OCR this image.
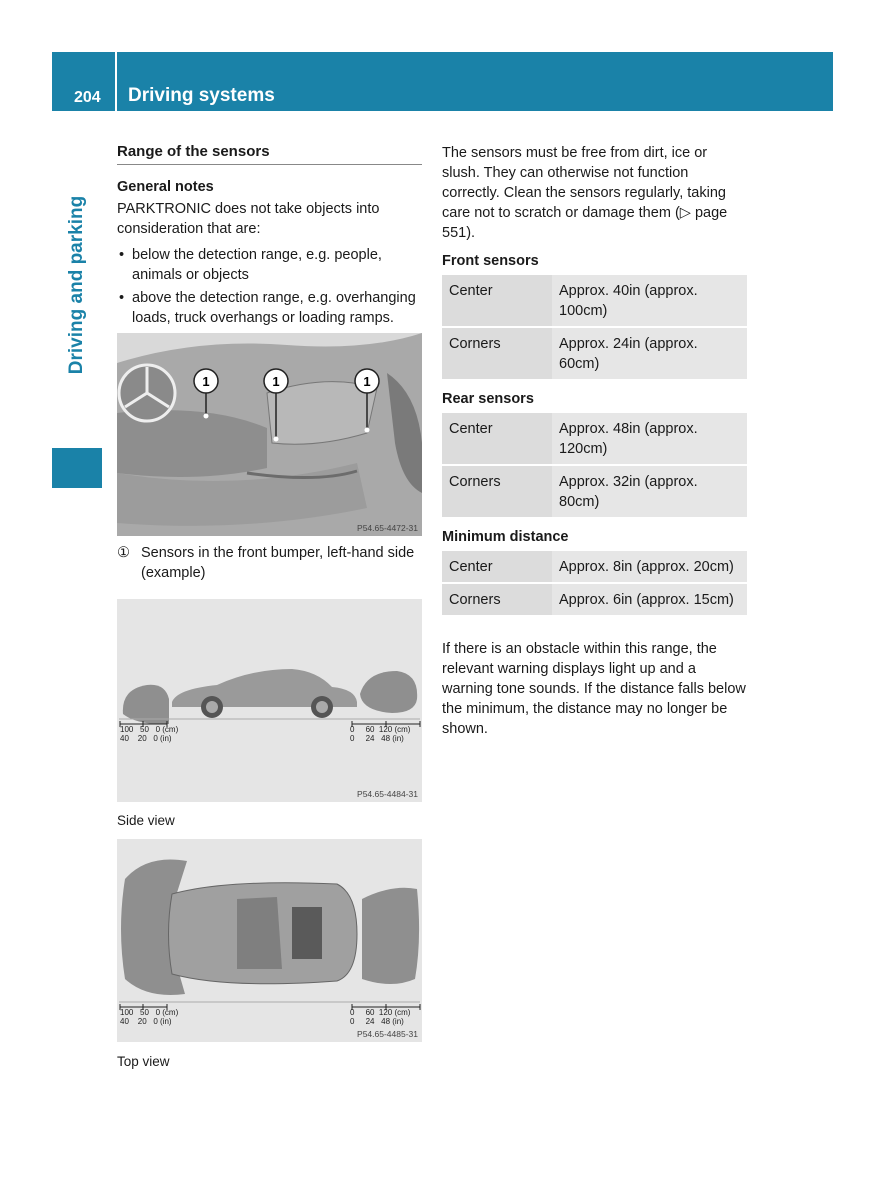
204 Driving systems
Driving and parking
Range of the sensors
General notes

PARKTRONIC does not take objects into consideration that are:

• below the detection range, e.g. people, animals or objects
• above the detection range, e.g. overhanging loads, truck overhangs or loading ramps.
1	1	1
P54.65-4472-31
① Sensors in the front bumper, left-hand side (example)
100   50   0 (cm)
40    20   0 (in)
0     60  120 (cm)
0     24   48 (in)
P54.65-4484-31
Side view
100   50   0 (cm)
40    20   0 (in)
0     60  120 (cm)
0     24   48 (in)
P54.65-4485-31
Top view

The sensors must be free from dirt, ice or slush. They can otherwise not function correctly. Clean the sensors regularly, taking care not to scratch or damage them (▷ page 551).

Front sensors
Center	Approx. 40in (approx. 100cm)
Corners	Approx. 24in (approx. 60cm)
Rear sensors
Center	Approx. 48in (approx. 120cm)
Corners	Approx. 32in (approx. 80cm)
Minimum distance
Center	Approx. 8in (approx. 20cm)
Corners	Approx. 6in (approx. 15cm)

If there is an obstacle within this range, the relevant warning displays light up and a warning tone sounds. If the distance falls below the minimum, the distance may no longer be shown.
